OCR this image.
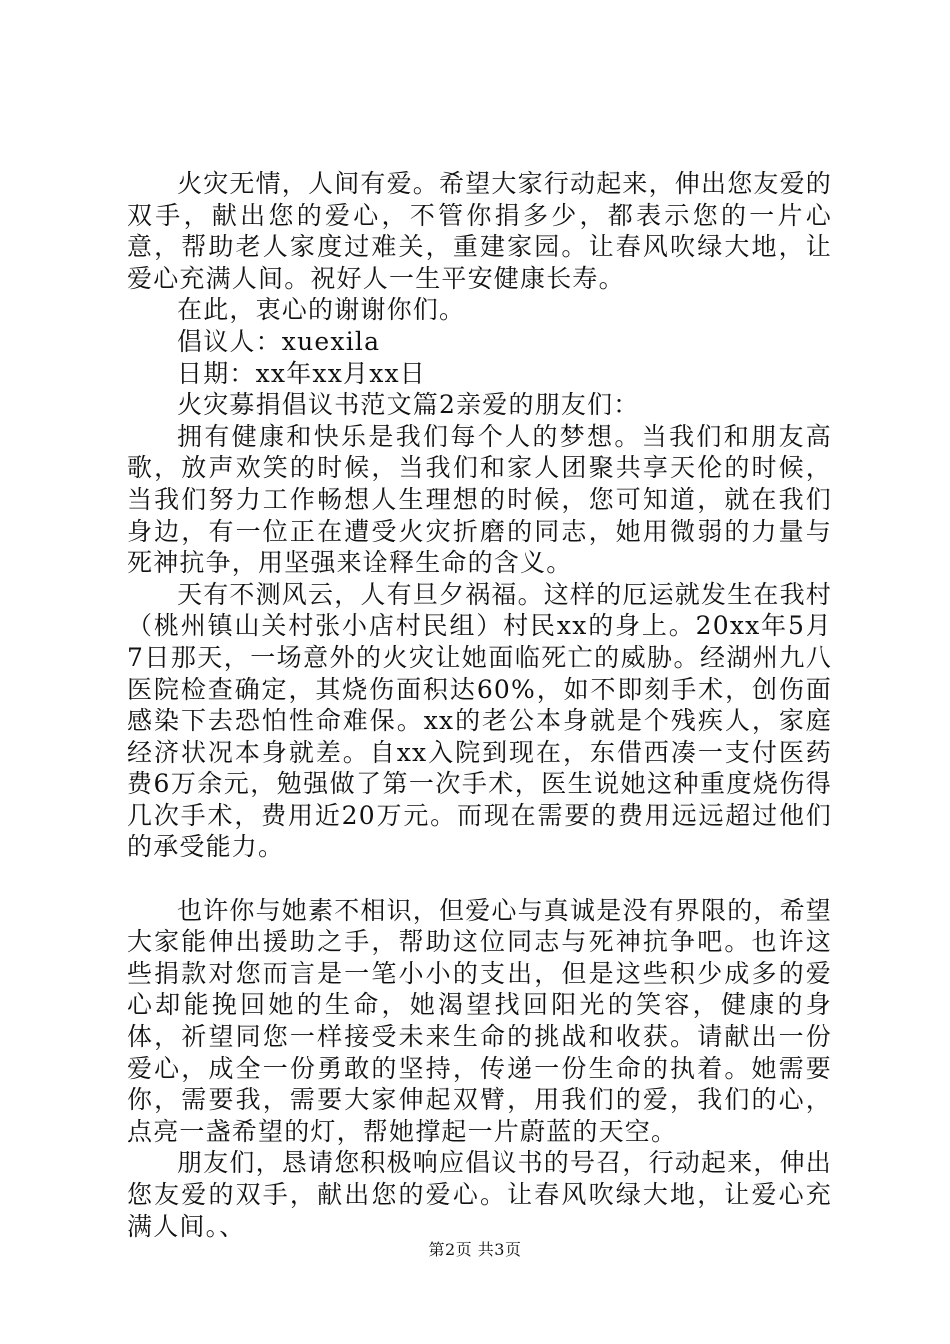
火灾无情，人间有爱。希望大家行动起来，伸出您友爱的双手，献出您的爱心，不管你捐多少，都表示您的一片心意，帮助老人家度过难关，重建家园。让春风吹绿大地，让爱心充满人间。祝好人一生平安健康长寿。

在此，衷心的谢谢你们。

倡议人：xuexila

日期：xx年xx月xx日

火灾募捐倡议书范文篇2亲爱的朋友们：

拥有健康和快乐是我们每个人的梦想。当我们和朋友高歌，放声欢笑的时候，当我们和家人团聚共享天伦的时候，当我们努力工作畅想人生理想的时候，您可知道，就在我们身边，有一位正在遭受火灾折磨的同志，她用微弱的力量与死神抗争，用坚强来诠释生命的含义。

天有不测风云，人有旦夕祸福。这样的厄运就发生在我村（桃州镇山关村张小店村民组）村民xx的身上。20xx年5月7日那天，一场意外的火灾让她面临死亡的威胁。经湖州九八医院检查确定，其烧伤面积达60%，如不即刻手术，创伤面感染下去恐怕性命难保。xx的老公本身就是个残疾人，家庭经济状况本身就差。自xx入院到现在，东借西凑一支付医药费6万余元，勉强做了第一次手术，医生说她这种重度烧伤得几次手术，费用近20万元。而现在需要的费用远远超过他们的承受能力。

也许你与她素不相识，但爱心与真诚是没有界限的，希望大家能伸出援助之手，帮助这位同志与死神抗争吧。也许这些捐款对您而言是一笔小小的支出，但是这些积少成多的爱心却能挽回她的生命，她渴望找回阳光的笑容，健康的身体，祈望同您一样接受未来生命的挑战和收获。请献出一份爱心，成全一份勇敢的坚持，传递一份生命的执着。她需要你，需要我，需要大家伸起双臂，用我们的爱，我们的心，点亮一盏希望的灯，帮她撑起一片蔚蓝的天空。

朋友们，恳请您积极响应倡议书的号召，行动起来，伸出您友爱的双手，献出您的爱心。让春风吹绿大地，让爱心充满人间。、

第2页 共3页
